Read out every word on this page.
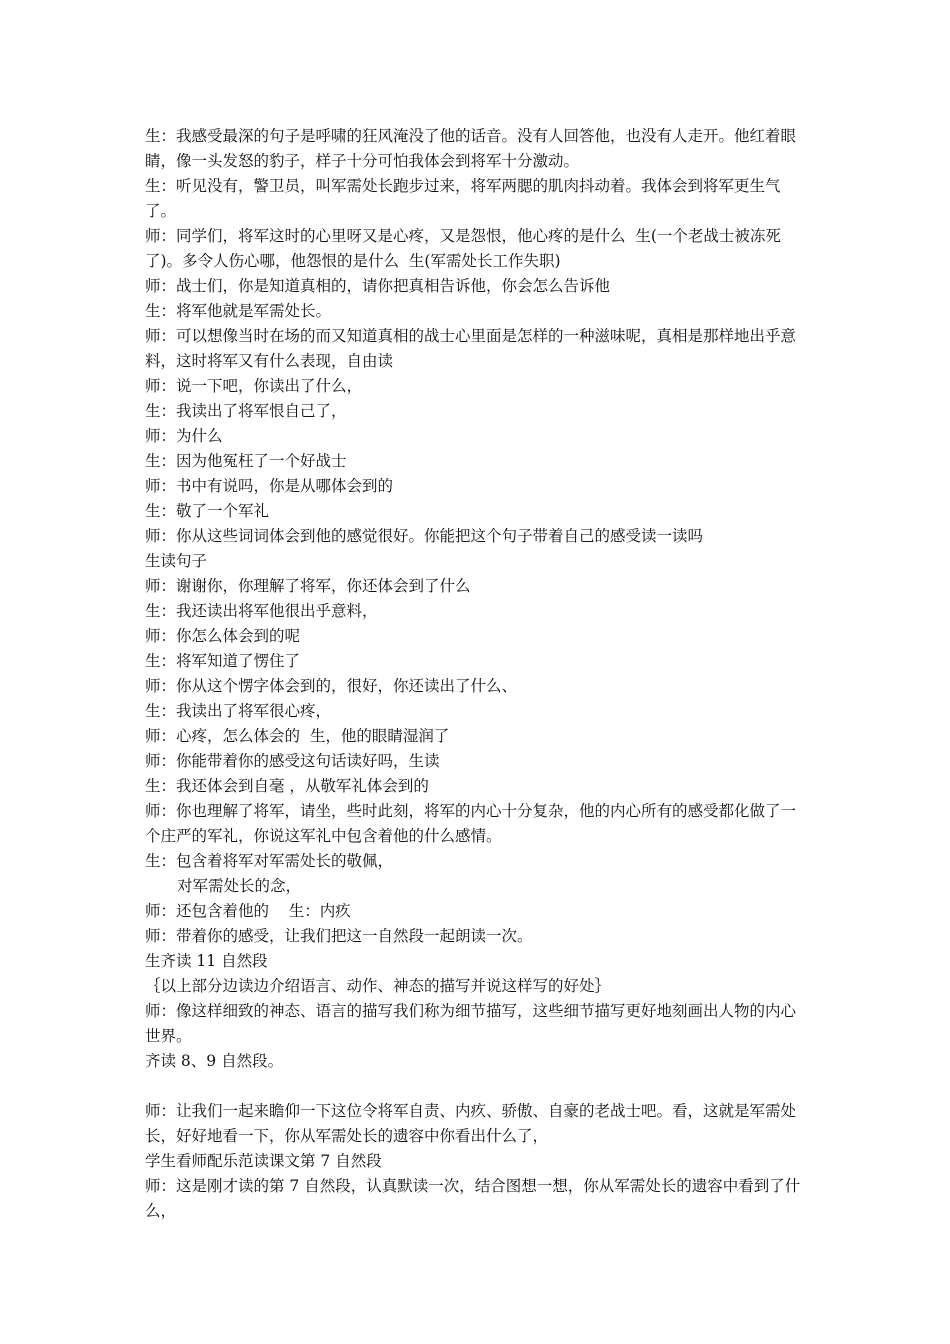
生：我感受最深的句子是呼啸的狂风淹没了他的话音。没有人回答他，也没有人走开。他红着眼睛，像一头发怒的豹子，样子十分可怕我体会到将军十分激动。

生：听见没有，警卫员，叫军需处长跑步过来，将军两腮的肌肉抖动着。我体会到将军更生气了。

师：同学们，将军这时的心里呀又是心疼，又是怨恨，他心疼的是什么  生(一个老战士被冻死了)。多令人伤心哪，他怨恨的是什么  生(军需处长工作失职)

师：战士们，你是知道真相的，请你把真相告诉他，你会怎么告诉他

生：将军他就是军需处长。

师：可以想像当时在场的而又知道真相的战士心里面是怎样的一种滋味呢，真相是那样地出乎意料，这时将军又有什么表现，自由读

师：说一下吧，你读出了什么，

生：我读出了将军恨自己了，

师：为什么

生：因为他冤枉了一个好战士

师：书中有说吗，你是从哪体会到的

生：敬了一个军礼

师：你从这些词词体会到他的感觉很好。你能把这个句子带着自己的感受读一读吗

生读句子

师：谢谢你，你理解了将军，你还体会到了什么

生：我还读出将军他很出乎意料，

师：你怎么体会到的呢

生：将军知道了愣住了

师：你从这个愣字体会到的，很好，你还读出了什么、

生：我读出了将军很心疼，

师：心疼，怎么体会的  生，他的眼睛湿润了

师：你能带着你的感受这句话读好吗，生读

生：我还体会到自毫 ，从敬军礼体会到的

师：你也理解了将军，请坐，些时此刻，将军的内心十分复杂，他的内心所有的感受都化做了一个庄严的军礼，你说这军礼中包含着他的什么感情。

生：包含着将军对军需处长的敬佩，

对军需处长的念，

师：还包含着他的    生：内疚

师：带着你的感受，让我们把这一自然段一起朗读一次。

生齐读 11 自然段

｛以上部分边读边介绍语言、动作、神态的描写并说这样写的好处｝

师：像这样细致的神态、语言的描写我们称为细节描写，这些细节描写更好地刻画出人物的内心世界。

齐读 8、9 自然段。

师：让我们一起来瞻仰一下这位令将军自责、内疚、骄傲、自豪的老战士吧。看，这就是军需处长，好好地看一下，你从军需处长的遗容中你看出什么了，

学生看师配乐范读课文第 7 自然段

师：这是刚才读的第 7 自然段，认真默读一次，结合图想一想，你从军需处长的遗容中看到了什么，
